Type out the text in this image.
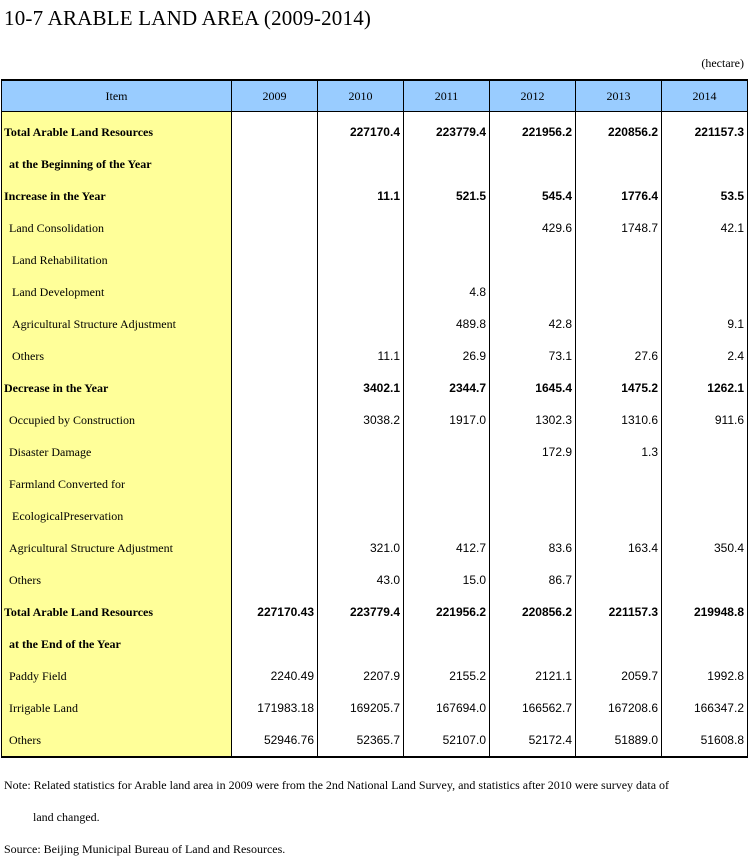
10-7 ARABLE LAND AREA (2009-2014)
(hectare)
Item	2009	2010	2011	2012	2013	2014
Total Arable Land Resources		227170.4	223779.4	221956.2	220856.2	221157.3
at the Beginning of the Year						
Increase in the Year		11.1	521.5	545.4	1776.4	53.5
Land Consolidation				429.6	1748.7	42.1
Land Rehabilitation						
Land Development			4.8			
Agricultural Structure Adjustment			489.8	42.8		9.1
Others		11.1	26.9	73.1	27.6	2.4
Decrease in the Year		3402.1	2344.7	1645.4	1475.2	1262.1
Occupied by Construction		3038.2	1917.0	1302.3	1310.6	911.6
Disaster Damage				172.9	1.3	
Farmland Converted for						
EcologicalPreservation						
Agricultural Structure Adjustment		321.0	412.7	83.6	163.4	350.4
Others		43.0	15.0	86.7		
Total Arable Land Resources	227170.43	223779.4	221956.2	220856.2	221157.3	219948.8
at the End of the Year						
Paddy Field	2240.49	2207.9	2155.2	2121.1	2059.7	1992.8
Irrigable Land	171983.18	169205.7	167694.0	166562.7	167208.6	166347.2
Others	52946.76	52365.7	52107.0	52172.4	51889.0	51608.8
Note: Related statistics for Arable land area in 2009 were from the 2nd National Land Survey, and statistics after 2010 were survey data of
land changed.
Source: Beijing Municipal Bureau of Land and Resources.
